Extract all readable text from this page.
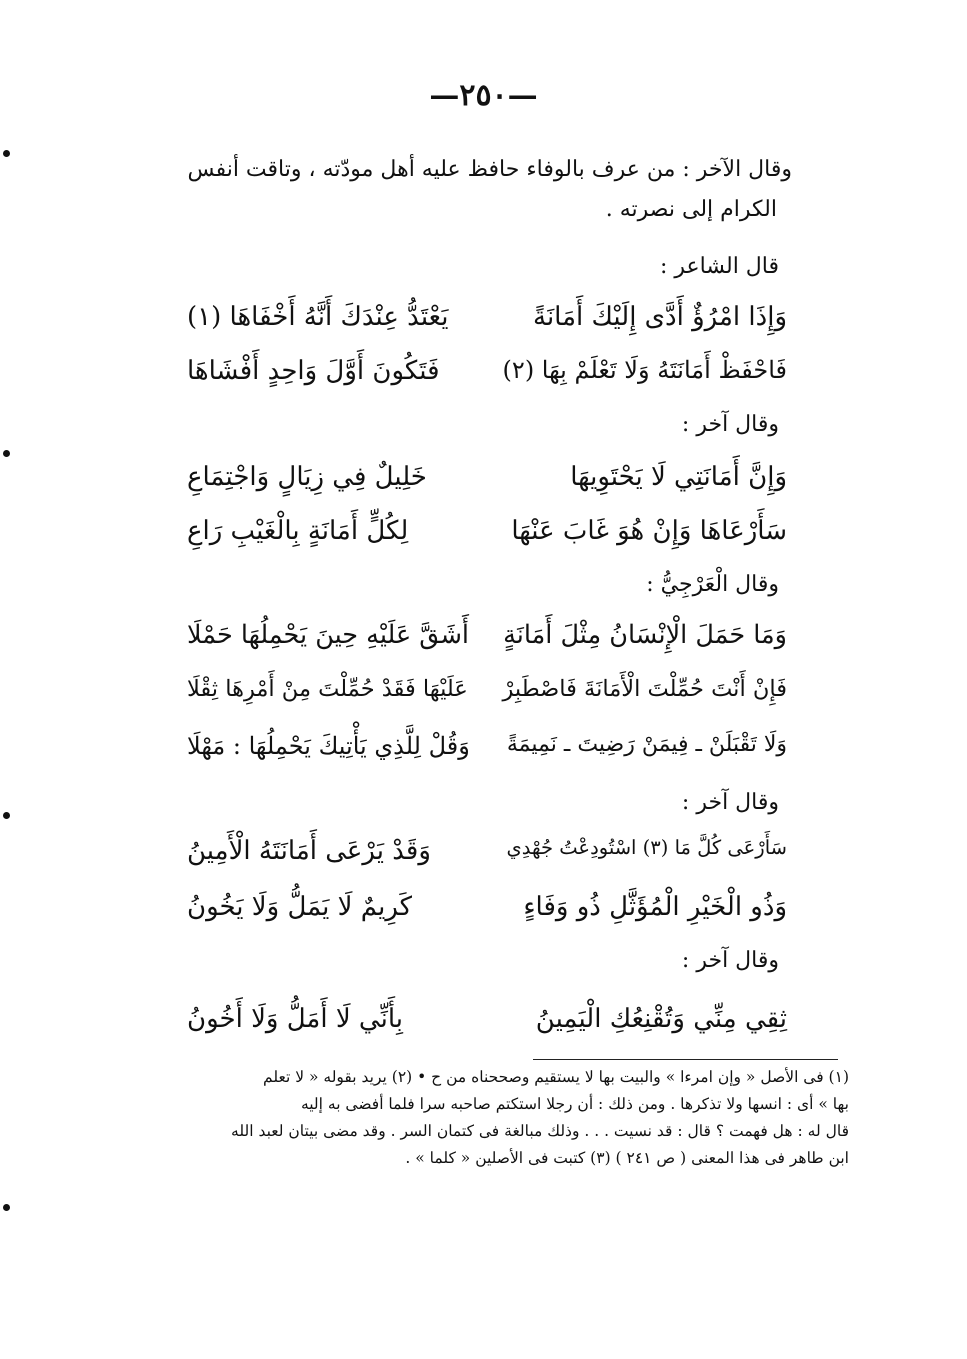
—٢٥٠—
وقال الآخر : من عرف بالوفاء حافظ عليه أهل مودّته ، وتاقت أنفس
الكرام إلى نصرته .
قال الشاعر :
وَإِذَا امْرُؤٌ أَدَّى إِلَيْكَ أَمَانَةً
يَعْتَدُّ عِنْدَكَ أَنَّهُ أَخْفَاهَا (١)
فَاحْفَظْ أَمَانَتَهُ وَلَا تَعْلَمْ بِهَا (٢)
فَتَكُونَ أَوَّلَ وَاحِدٍ أَفْشَاهَا
وقال آخر :
وَإِنَّ أَمَانَتِي لَا يَحْتَوِيهَا
خَلِيلٌ فِي زِيَالٍ وَاجْتِمَاعِ
سَأَرْعَاهَا وَإِنْ هُوَ غَابَ عَنْهَا
لِكُلٍّ أَمَانَةٍ بِالْغَيْبِ رَاعِ
وقال الْعَرْجِيُّ :
وَمَا حَمَلَ الْإِنْسَانُ مِثْلَ أَمَانَةٍ
أَشَقَّ عَلَيْهِ حِينَ يَحْمِلُهَا حَمْلَا
فَإِنْ أَنْتَ حُمِّلْتَ الْأَمَانَةَ فَاصْطَبِرْ
عَلَيْهَا فَقَدْ حُمِّلْتَ مِنْ أَمْرِهَا ثِقْلَا
وَلَا تَقْبَلَنْ ـ فِيمَنْ رَضِيتَ ـ نَمِيمَةً
وَقُلْ لِلَّذِي يَأْتِيكَ يَحْمِلُهَا : مَهْلَا
وقال آخر :
سَأَرْعَى كُلَّ مَا (٣) اسْتُودِعْتُ جُهْدِي
وَقَدْ يَرْعَى أَمَانَتَهُ الْأَمِينُ
وَذُو الْخَيْرِ الْمُؤَثَّلِ ذُو وَفَاءٍ
كَرِيمٌ لَا يَمَلُّ وَلَا يَخُونُ
وقال آخر :
ثِقِي مِنِّي وَتُقْنِعُكِ الْيَمِينُ
بِأَنِّي لَا أَمَلُّ وَلَا أَخُونُ
(١) فى الأصل « وإن امرءا » والبيت بها لا يستقيم وصححناه من ح • (٢) يريد بقوله « لا تعلم
بها » أى : انسها ولا تذكرها . ومن ذلك : أن رجلا استكتم صاحبه سرا فلما أفضى به إليه
قال له : هل فهمت ؟ قال : قد نسيت . . . وذلك مبالغة فى كتمان السر . وقد مضى بيتان لعبد الله
ابن طاهر فى هذا المعنى ( ص ٢٤١ ) (٣) كتبت فى الأصلين « كلما » .
